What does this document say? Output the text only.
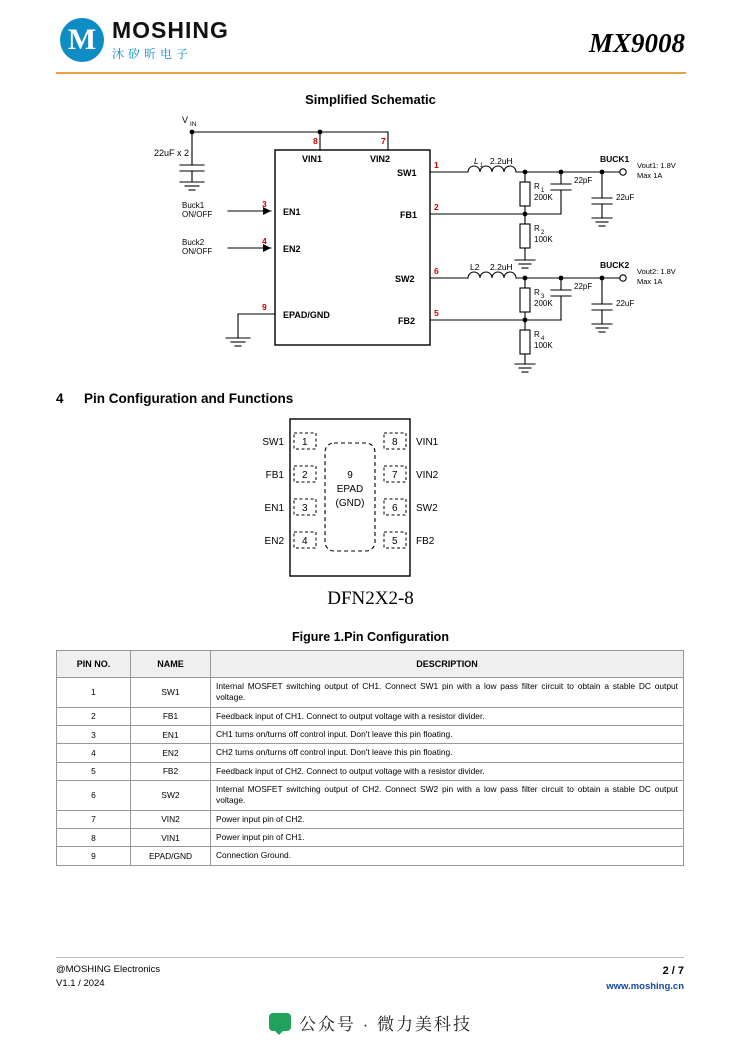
M MOSHING
沐矽昕电子	MX9008
Simplified Schematic
V IN
22uF x 2
VIN1	VIN2
EN1
EN2
SW1
FB1
SW2
FB2
EPAD/GND
8	7
3
4
1
2
6
5
9
Buck1
ON/OFF
Buck2
ON/OFF
L 1 2.2uH
L2 2.2uH
R 1
200K
R 2
100K
R 3
200K
R 4
100K
22pF
22uF
22pF
22uF
BUCK1
BUCK2
Vout1: 1.8V
Max 1A
Vout2: 1.8V
Max 1A
4 Pin Configuration and Functions
1
2
3
4
8
7
6
5
SW1
FB1
EN1
EN2
VIN1
VIN2
SW2
FB2
9
EPAD
(GND)
DFN2X2-8
Figure 1.Pin Configuration
PIN NO.	NAME	DESCRIPTION
1	SW1	Internal MOSFET switching output of CH1. Connect SW1 pin with a low pass filter circuit to obtain a stable DC output voltage.
2	FB1	Feedback input of CH1. Connect to output voltage with a resistor divider.
3	EN1	CH1 turns on/turns off control input. Don't leave this pin floating.
4	EN2	CH2 turns on/turns off control input. Don't leave this pin floating.
5	FB2	Feedback input of CH2. Connect to output voltage with a resistor divider.
6	SW2	Internal MOSFET switching output of CH2. Connect SW2 pin with a low pass filter circuit to obtain a stable DC output voltage.
7	VIN2	Power input pin of CH2.
8	VIN1	Power input pin of CH1.
9	EPAD/GND	Connection Ground.
@MOSHING Electronics
V1.1 / 2024
2 / 7
www.moshing.cn
公众号 · 微力美科技
